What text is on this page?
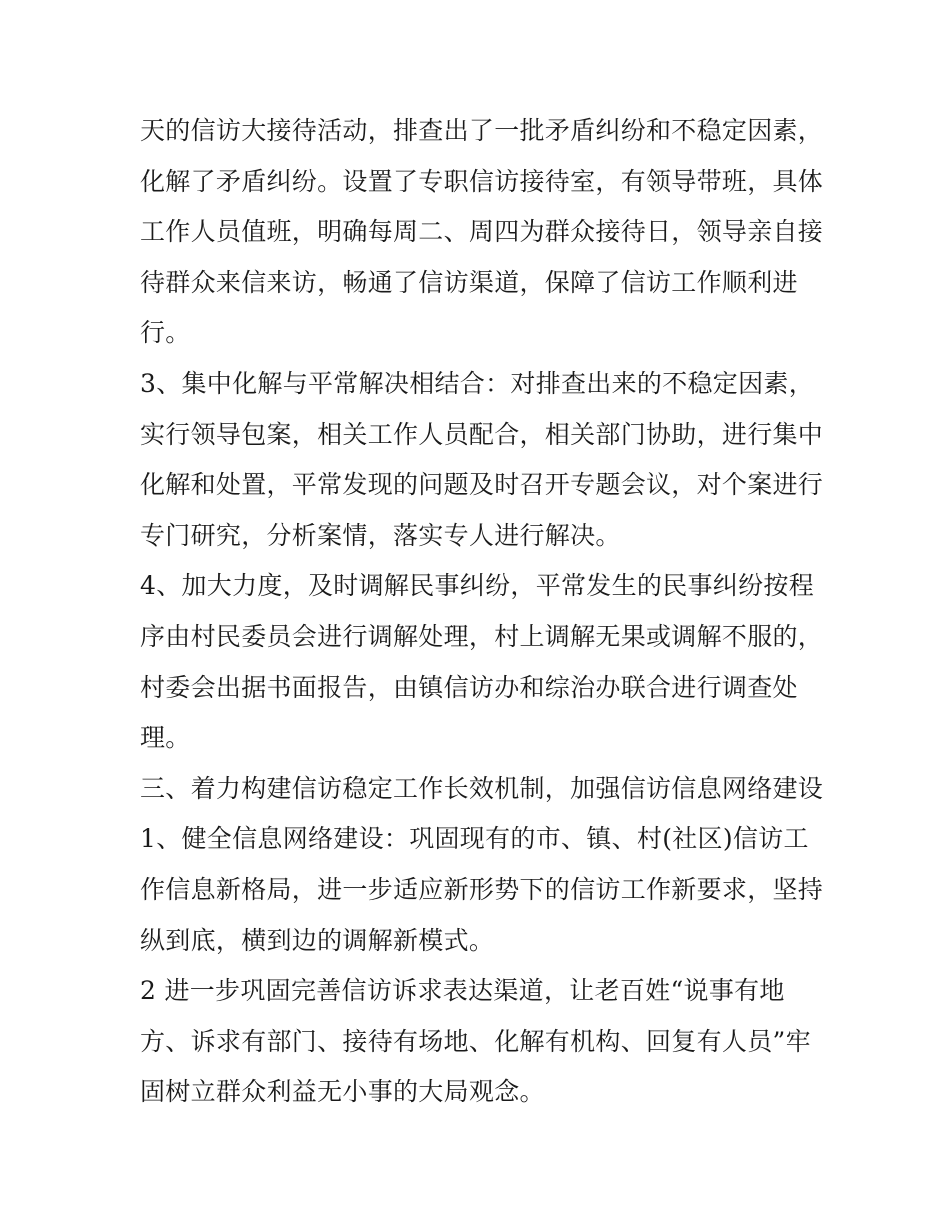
天的信访大接待活动，排查出了一批矛盾纠纷和不稳定因素，
化解了矛盾纠纷。设置了专职信访接待室，有领导带班，具体
工作人员值班，明确每周二、周四为群众接待日，领导亲自接
待群众来信来访，畅通了信访渠道，保障了信访工作顺利进
行。
3、集中化解与平常解决相结合：对排查出来的不稳定因素，
实行领导包案，相关工作人员配合，相关部门协助，进行集中
化解和处置，平常发现的问题及时召开专题会议，对个案进行
专门研究，分析案情，落实专人进行解决。
4、加大力度，及时调解民事纠纷，平常发生的民事纠纷按程
序由村民委员会进行调解处理，村上调解无果或调解不服的，
村委会出据书面报告，由镇信访办和综治办联合进行调查处
理。
三、着力构建信访稳定工作长效机制，加强信访信息网络建设
1、健全信息网络建设：巩固现有的市、镇、村(社区)信访工
作信息新格局，进一步适应新形势下的信访工作新要求，坚持
纵到底，横到边的调解新模式。
2 进一步巩固完善信访诉求表达渠道，让老百姓“说事有地
方、诉求有部门、接待有场地、化解有机构、回复有人员”牢
固树立群众利益无小事的大局观念。
